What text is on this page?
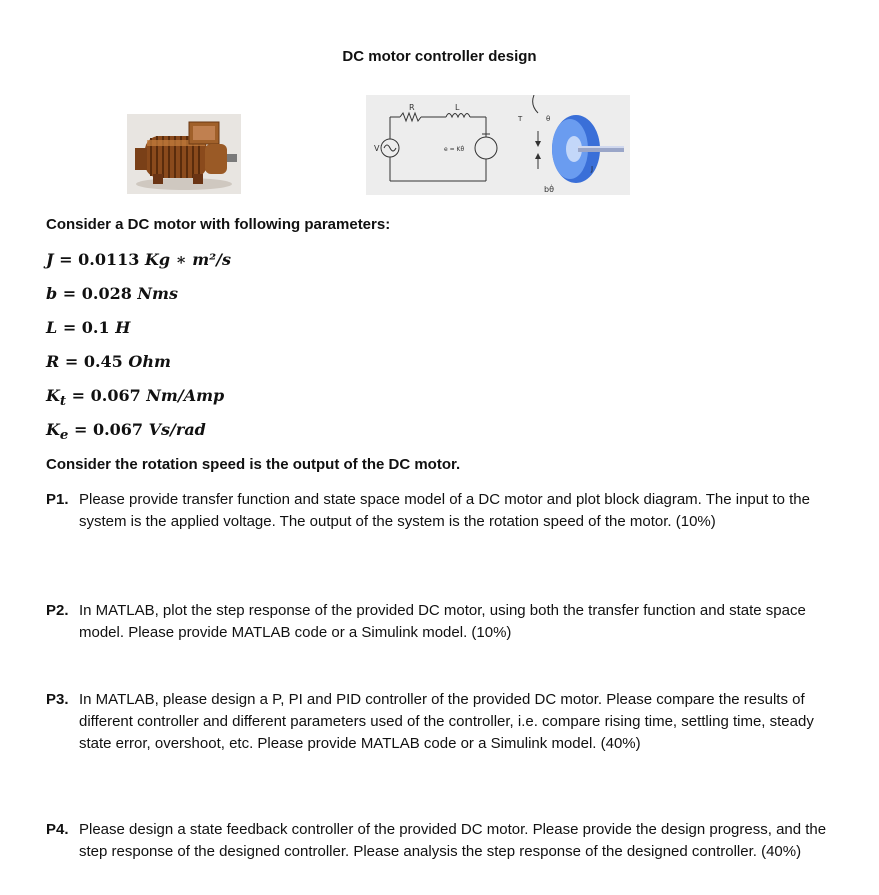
DC motor controller design
R	L
V	e = Kθ̇
T	θ
J
bθ̇
Consider a DC motor with following parameters:
J = 0.0113 Kg ∗ m²/s
b = 0.028 Nms
L = 0.1 H
R = 0.45 Ohm
$K_t = 0.067$ Nm/Amp
$K_e = 0.067$ Vs/rad
Consider the rotation speed is the output of the DC motor.
P1. Please provide transfer function and state space model of a DC motor and plot block diagram. The input to the system is the applied voltage. The output of the system is the rotation speed of the motor. (10%)
P2. In MATLAB, plot the step response of the provided DC motor, using both the transfer function and state space model. Please provide MATLAB code or a Simulink model. (10%)
P3. In MATLAB, please design a P, PI and PID controller of the provided DC motor. Please compare the results of different controller and different parameters used of the controller, i.e. compare rising time, settling time, steady state error, overshoot, etc. Please provide MATLAB code or a Simulink model. (40%)
P4. Please design a state feedback controller of the provided DC motor. Please provide the design progress, and the step response of the designed controller. Please analysis the step response of the designed controller. (40%)
